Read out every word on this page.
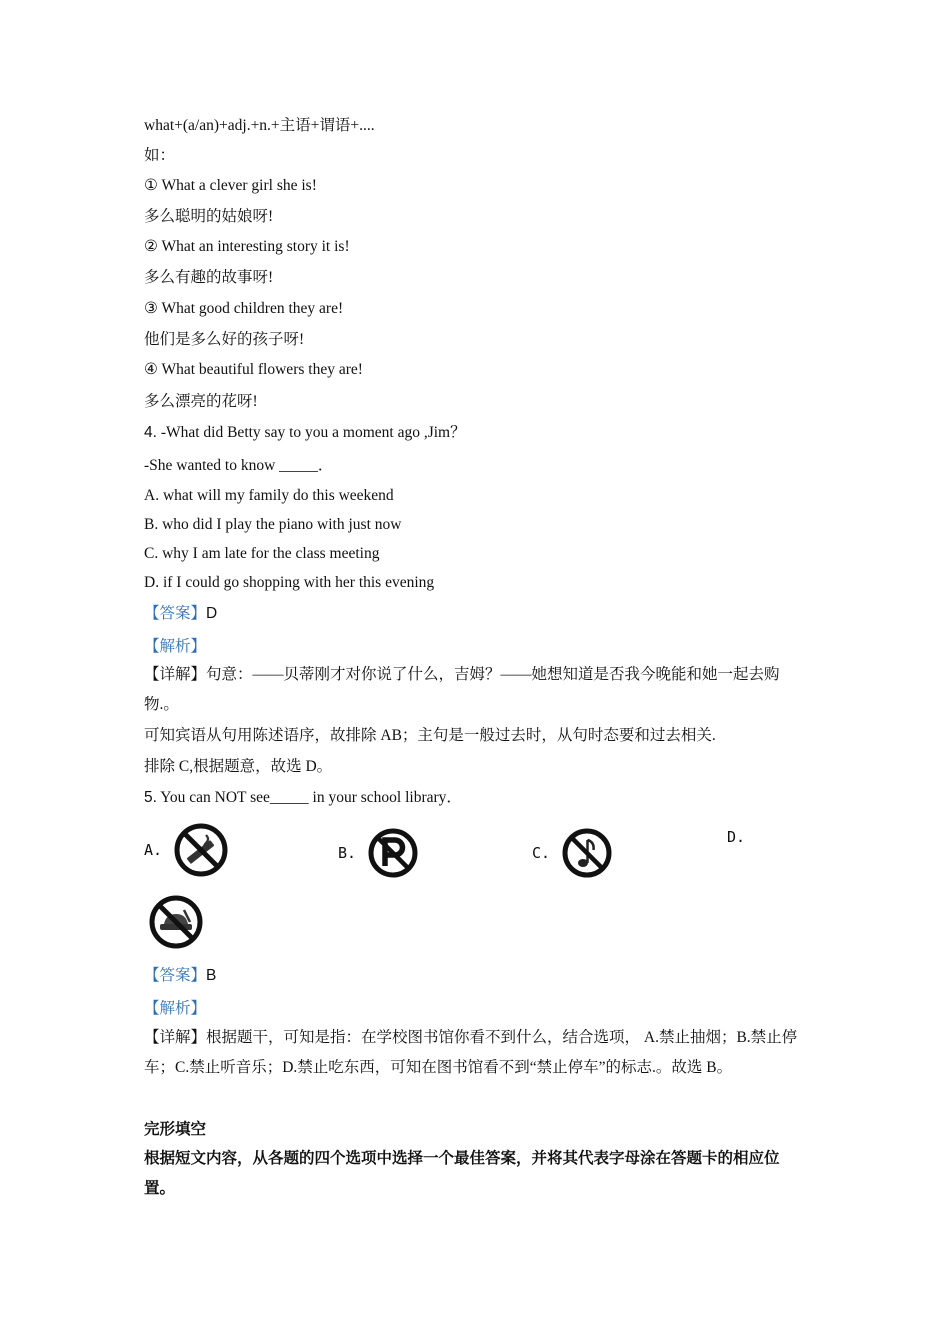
what+(a/an)+adj.+n.+主语+谓语+....
如：
① What a clever girl she is!
多么聪明的姑娘呀!
② What an interesting story it is!
多么有趣的故事呀!
③ What good children they are!
他们是多么好的孩子呀!
④ What beautiful flowers they are!
多么漂亮的花呀!
4. -What did Betty say to you a moment ago ,Jim？
-She wanted to know _____．
A. what will my family do this weekend
B. who did I play the piano with just now
C. why I am late for the class meeting
D. if I could go shopping with her this evening
【答案】D
【解析】
【详解】句意：——贝蒂刚才对你说了什么，吉姆？——她想知道是否我今晚能和她一起去购物.。
可知宾语从句用陈述语序，故排除 AB；主句是一般过去时，从句时态要和过去相关.
排除 C,根据题意，故选 D。
5. You can NOT see_____ in your school library．
A.	B.	C.
D.
【答案】B
【解析】
【详解】根据题干，可知是指：在学校图书馆你看不到什么，结合选项， A.禁止抽烟；B.禁止停车；C.禁止听音乐；D.禁止吃东西，可知在图书馆看不到“禁止停车”的标志.。故选 B。
完形填空
根据短文内容，从各题的四个选项中选择一个最佳答案，并将其代表字母涂在答题卡的相应位置。
